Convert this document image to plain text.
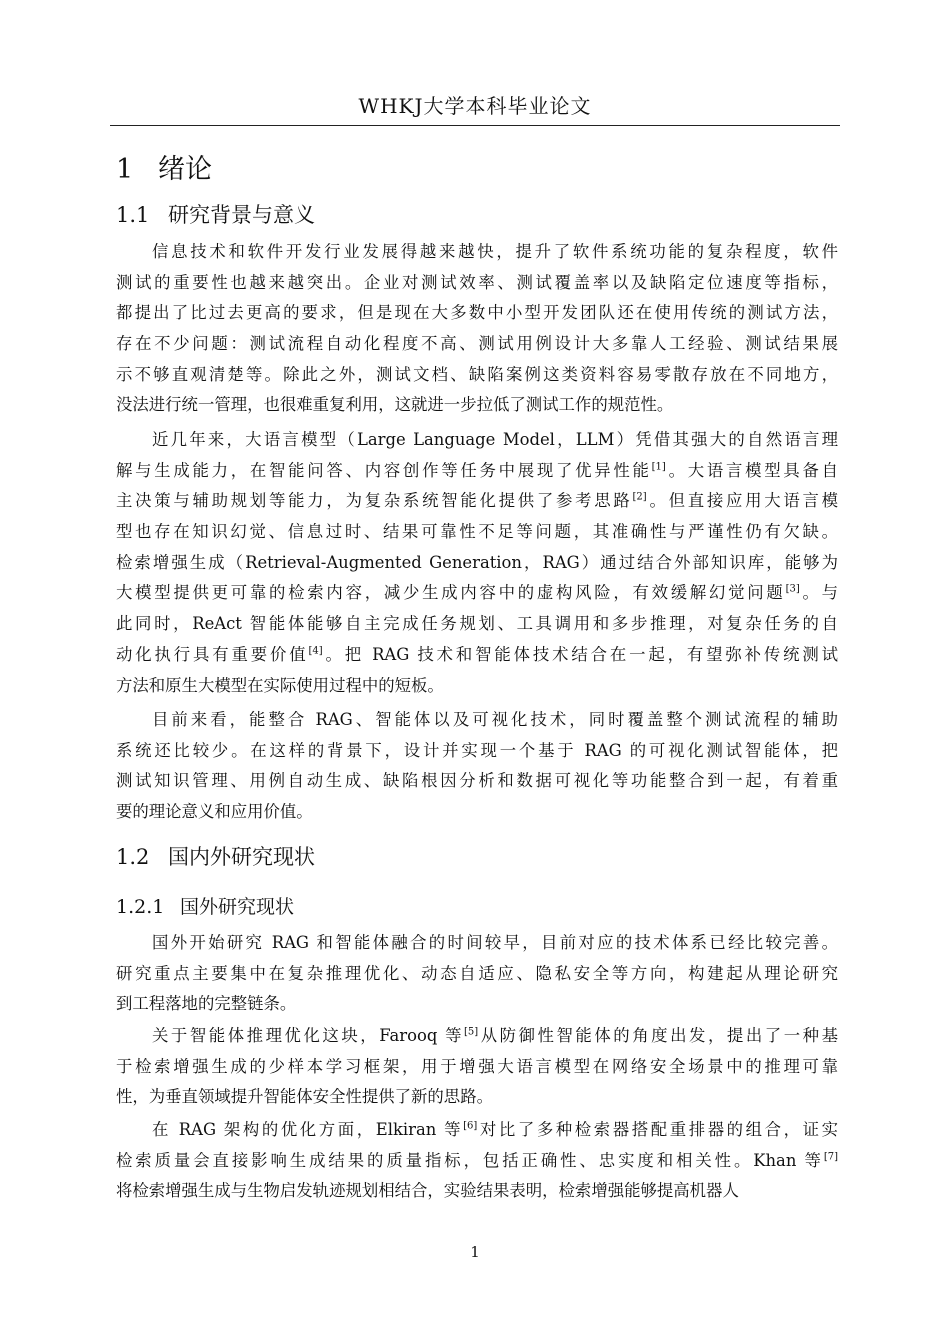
WHKJ大学本科毕业论文
1 绪论
1.1 研究背景与意义
信息技术和软件开发行业发展得越来越快，提升了软件系统功能的复杂程度，软件
测试的重要性也越来越突出。企业对测试效率、测试覆盖率以及缺陷定位速度等指标，
都提出了比过去更高的要求，但是现在大多数中小型开发团队还在使用传统的测试方法，
存在不少问题：测试流程自动化程度不高、测试用例设计大多靠人工经验、测试结果展
示不够直观清楚等。除此之外，测试文档、缺陷案例这类资料容易零散存放在不同地方，
没法进行统一管理，也很难重复利用，这就进一步拉低了测试工作的规范性。
近几年来，大语言模型（Large Language Model，LLM）凭借其强大的自然语言理
解与生成能力，在智能问答、内容创作等任务中展现了优异性能[1]。大语言模型具备自
主决策与辅助规划等能力，为复杂系统智能化提供了参考思路[2]。但直接应用大语言模
型也存在知识幻觉、信息过时、结果可靠性不足等问题，其准确性与严谨性仍有欠缺。
检索增强生成（Retrieval-Augmented Generation，RAG）通过结合外部知识库，能够为
大模型提供更可靠的检索内容，减少生成内容中的虚构风险，有效缓解幻觉问题[3]。与
此同时，ReAct 智能体能够自主完成任务规划、工具调用和多步推理，对复杂任务的自
动化执行具有重要价值[4]。把 RAG 技术和智能体技术结合在一起，有望弥补传统测试
方法和原生大模型在实际使用过程中的短板。
目前来看，能整合 RAG、智能体以及可视化技术，同时覆盖整个测试流程的辅助
系统还比较少。在这样的背景下，设计并实现一个基于 RAG 的可视化测试智能体，把
测试知识管理、用例自动生成、缺陷根因分析和数据可视化等功能整合到一起，有着重
要的理论意义和应用价值。
1.2 国内外研究现状
1.2.1 国外研究现状
国外开始研究 RAG 和智能体融合的时间较早，目前对应的技术体系已经比较完善。
研究重点主要集中在复杂推理优化、动态自适应、隐私安全等方向，构建起从理论研究
到工程落地的完整链条。
关于智能体推理优化这块，Farooq 等[5]从防御性智能体的角度出发，提出了一种基
于检索增强生成的少样本学习框架，用于增强大语言模型在网络安全场景中的推理可靠
性，为垂直领域提升智能体安全性提供了新的思路。
在 RAG 架构的优化方面，Elkiran 等[6]对比了多种检索器搭配重排器的组合，证实
检索质量会直接影响生成结果的质量指标，包括正确性、忠实度和相关性。Khan 等[7]
将检索增强生成与生物启发轨迹规划相结合，实验结果表明，检索增强能够提高机器人
1
